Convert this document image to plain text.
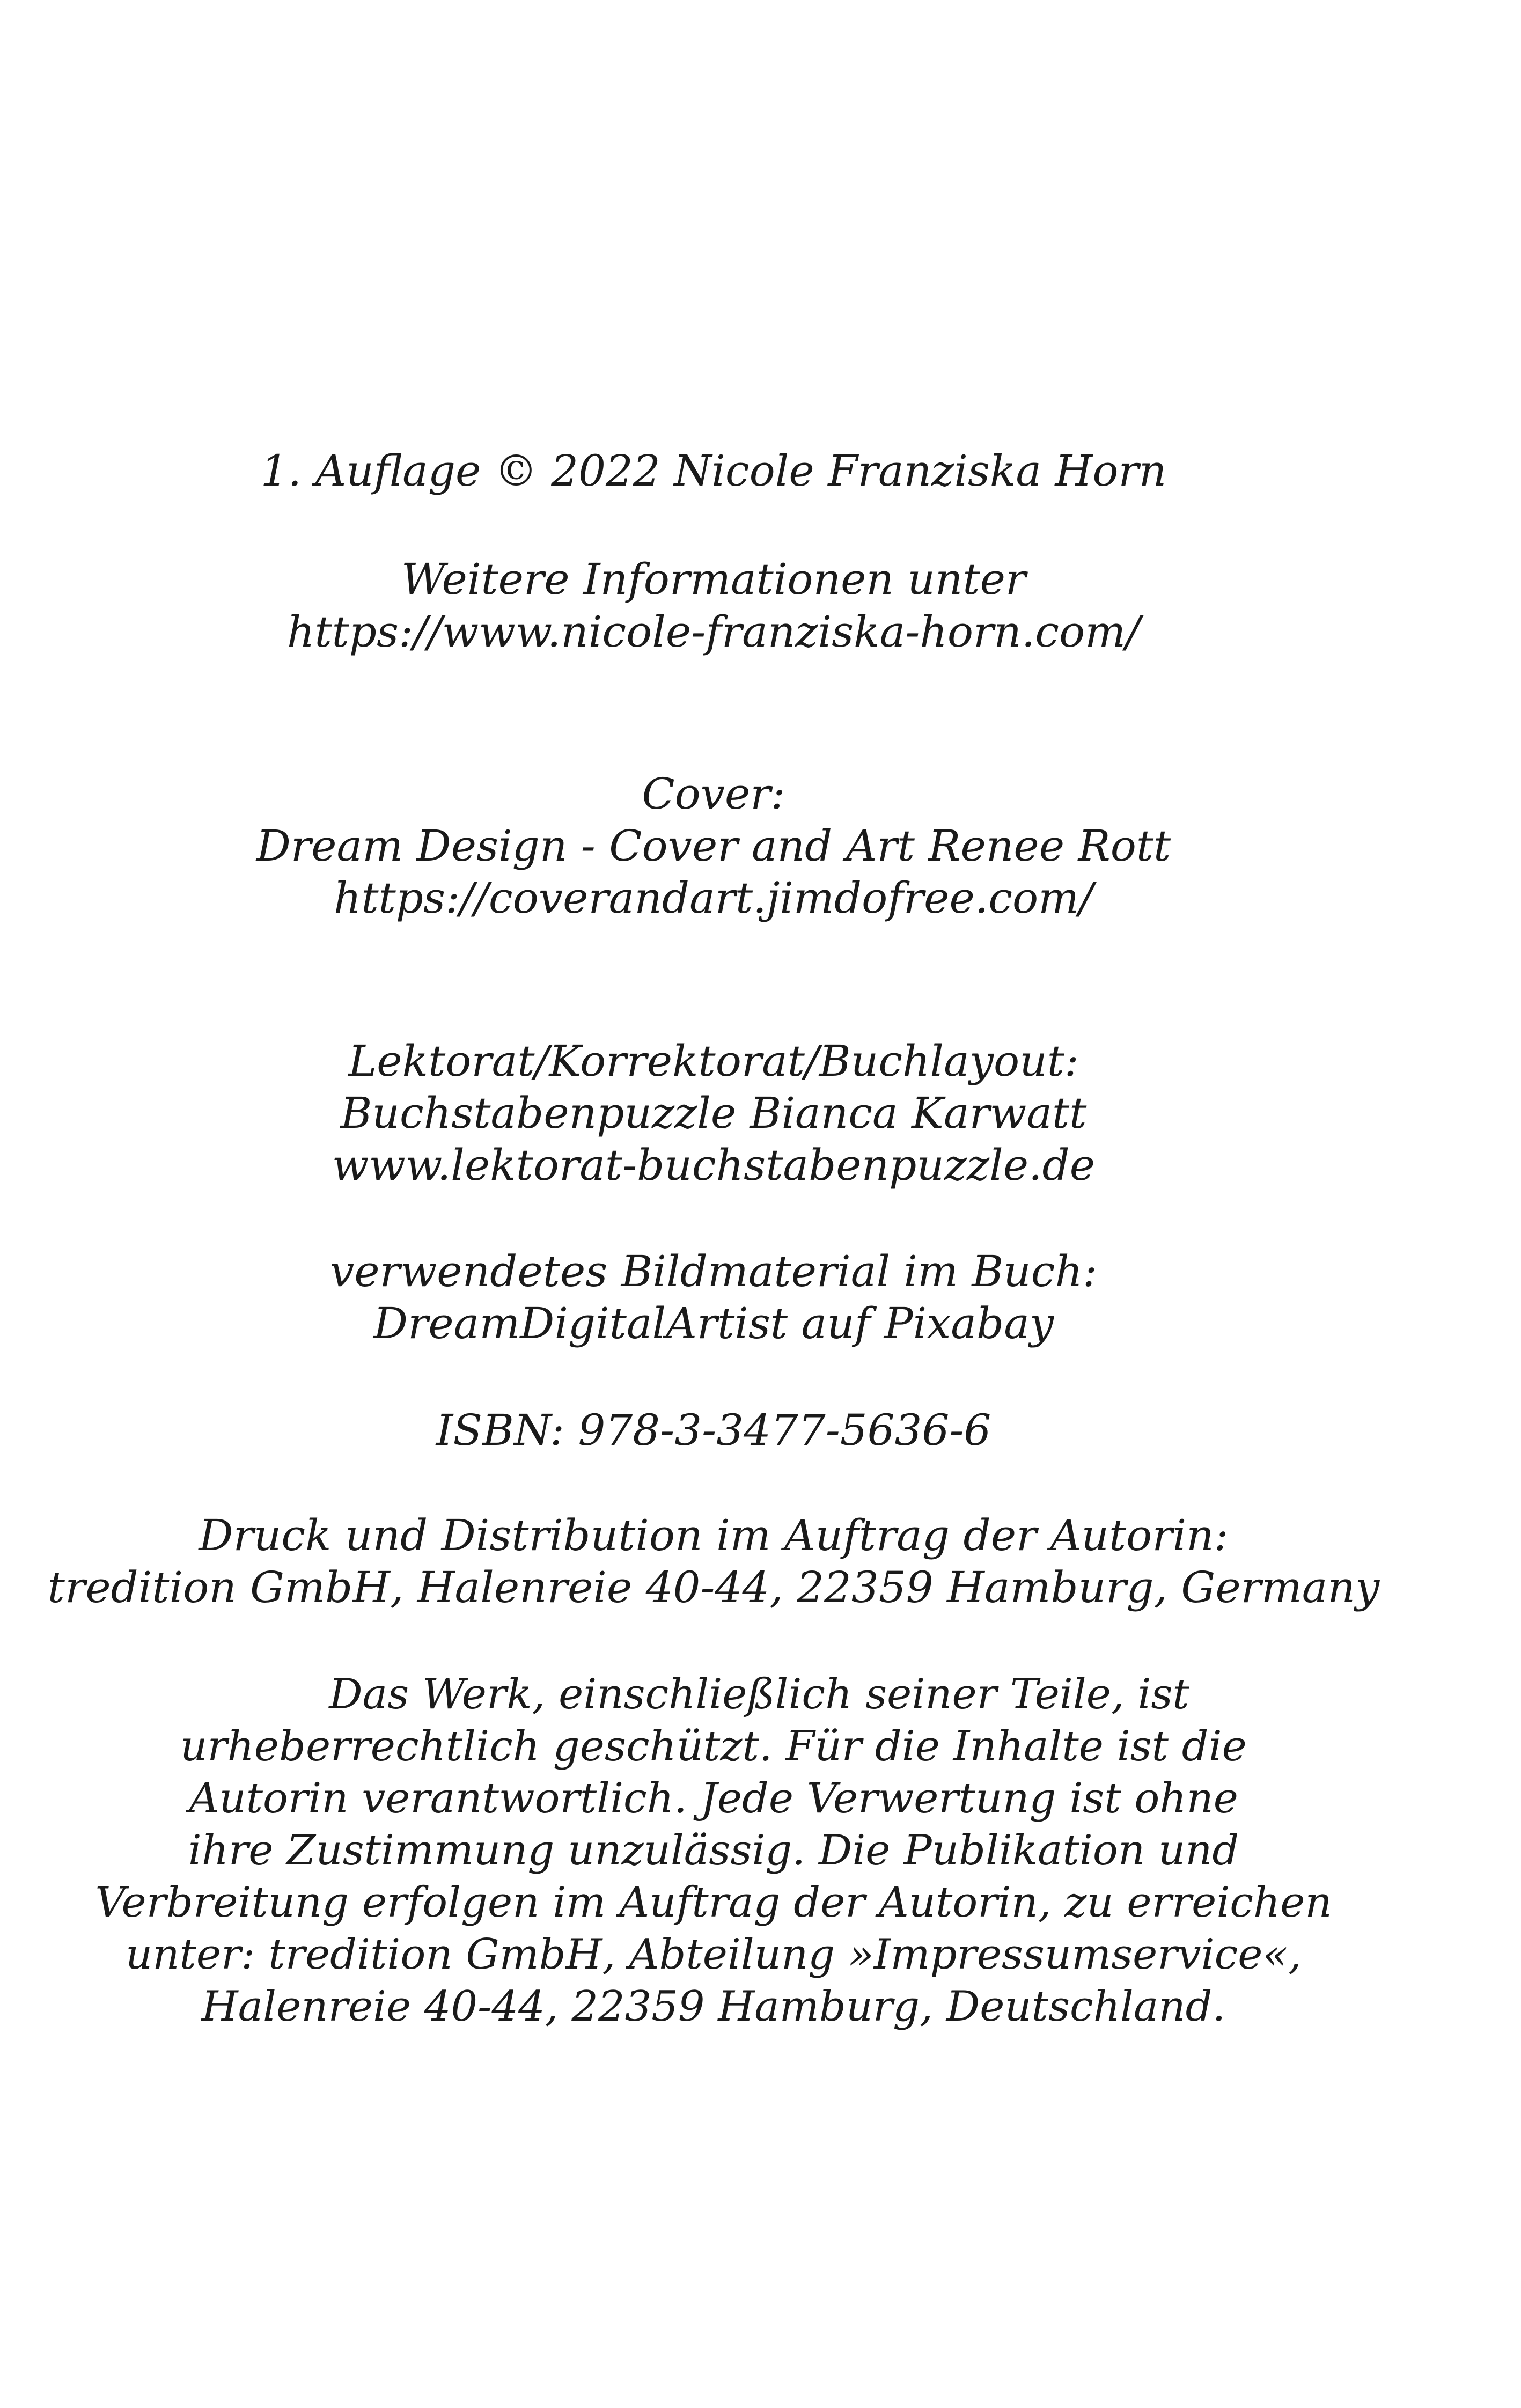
1. Auflage © 2022 Nicole Franziska Horn
Weitere Informationen unter
https://www.nicole-franziska-horn.com/
Cover:
Dream Design - Cover and Art Renee Rott
https://coverandart.jimdofree.com/
Lektorat/Korrektorat/Buchlayout:
Buchstabenpuzzle Bianca Karwatt
www.lektorat-buchstabenpuzzle.de
verwendetes Bildmaterial im Buch:
DreamDigitalArtist auf Pixabay
ISBN: 978-3-3477-5636-6
Druck und Distribution im Auftrag der Autorin:
tredition GmbH, Halenreie 40-44, 22359 Hamburg, Germany
Das Werk, einschließlich seiner Teile, ist
urheberrechtlich geschützt. Für die Inhalte ist die
Autorin verantwortlich. Jede Verwertung ist ohne
ihre Zustimmung unzulässig. Die Publikation und
Verbreitung erfolgen im Auftrag der Autorin, zu erreichen
unter: tredition GmbH, Abteilung »Impressumservice«,
Halenreie 40-44, 22359 Hamburg, Deutschland.
